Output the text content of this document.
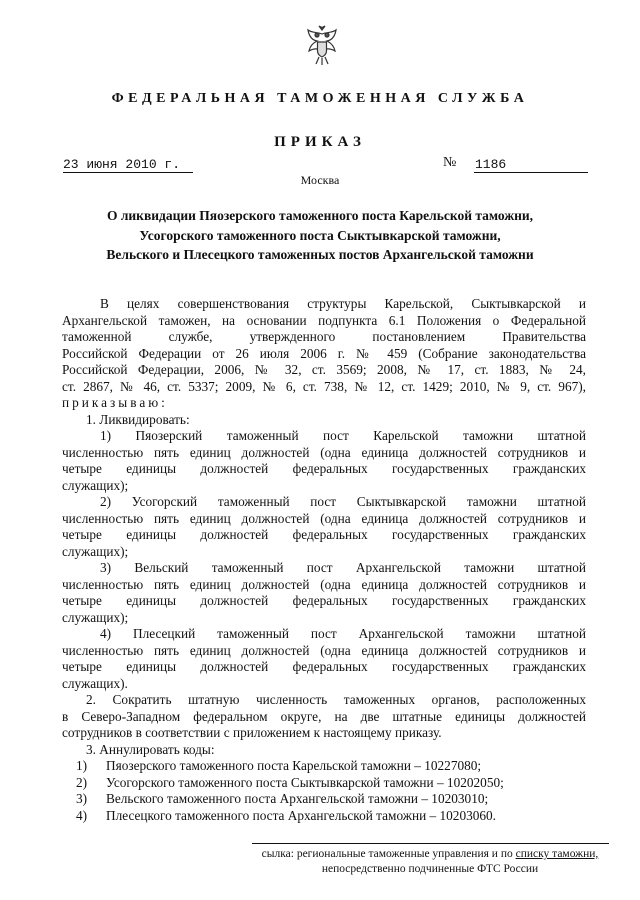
ФЕДЕРАЛЬНАЯ ТАМОЖЕННАЯ СЛУЖБА
ПРИКАЗ
23 июня 2010 г.	№ 1186
Москва
О ликвидации Пяозерского таможенного поста Карельской таможни,
Усогорского таможенного поста Сыктывкарской таможни,
Вельского и Плесецкого таможенных постов Архангельской таможни

В целях совершенствования структуры Карельской, Сыктывкарской и

Архангельской таможен, на основании подпункта 6.1 Положения о Федеральной

таможенной службе, утвержденного постановлением Правительства

Российской Федерации от 26 июля 2006 г. № 459 (Собрание законодательства

Российской Федерации, 2006, № 32, ст. 3569; 2008, № 17, ст. 1883, № 24,

ст. 2867, № 46, ст. 5337; 2009, № 6, ст. 738, № 12, ст. 1429; 2010, № 9, ст. 967),

приказываю:

1. Ликвидировать:

1) Пяозерский таможенный пост Карельской таможни штатной

численностью пять единиц должностей (одна единица должностей сотрудников и

четыре единицы должностей федеральных государственных гражданских

служащих);

2) Усогорский таможенный пост Сыктывкарской таможни штатной

численностью пять единиц должностей (одна единица должностей сотрудников и

четыре единицы должностей федеральных государственных гражданских

служащих);

3) Вельский таможенный пост Архангельской таможни штатной

численностью пять единиц должностей (одна единица должностей сотрудников и

четыре единицы должностей федеральных государственных гражданских

служащих);

4) Плесецкий таможенный пост Архангельской таможни штатной

численностью пять единиц должностей (одна единица должностей сотрудников и

четыре единицы должностей федеральных государственных гражданских

служащих).

2. Сократить штатную численность таможенных органов, расположенных

в Северо-Западном федеральном округе, на две штатные единицы должностей

сотрудников в соответствии с приложением к настоящему приказу.

3. Аннулировать коды:

1)	Пяозерского таможенного поста Карельской таможни – 10227080;
2)	Усогорского таможенного поста Сыктывкарской таможни – 10202050;
3)	Вельского таможенного поста Архангельской таможни – 10203010;
4)	Плесецкого таможенного поста Архангельской таможни – 10203060.
сылка: региональные таможенные управления и по списку таможни,
непосредственно подчиненные ФТС России
